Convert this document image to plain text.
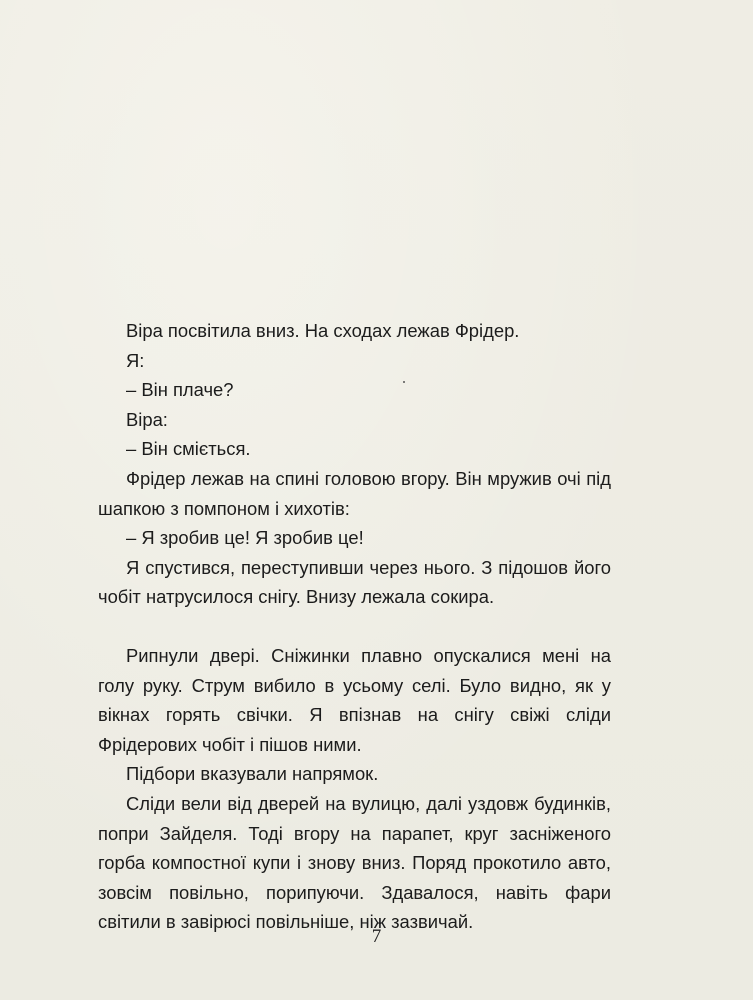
Віра посвітила вниз. На сходах лежав Фрідер.

Я:

– Він плаче?

Віра:

– Він сміється.

Фрідер лежав на спині головою вгору. Він мружив очі під шапкою з помпоном і хихотів:

– Я зробив це! Я зробив це!

Я спустився, переступивши через нього. З підошов його чобіт натрусилося снігу. Внизу лежала сокира.

Рипнули двері. Сніжинки плавно опускалися мені на голу руку. Струм вибило в усьому селі. Було видно, як у вікнах горять свічки. Я впізнав на снігу свіжі сліди Фрідерових чобіт і пішов ними.

Підбори вказували напрямок.

Сліди вели від дверей на вулицю, далі уздовж будинків, попри Зайделя. Тоді вгору на парапет, круг засніженого горба компостної купи і знову вниз. Поряд прокотило авто, зовсім повільно, порипуючи. Здавалося, навіть фари світили в завірюсі повільніше, ніж зазвичай.

7
